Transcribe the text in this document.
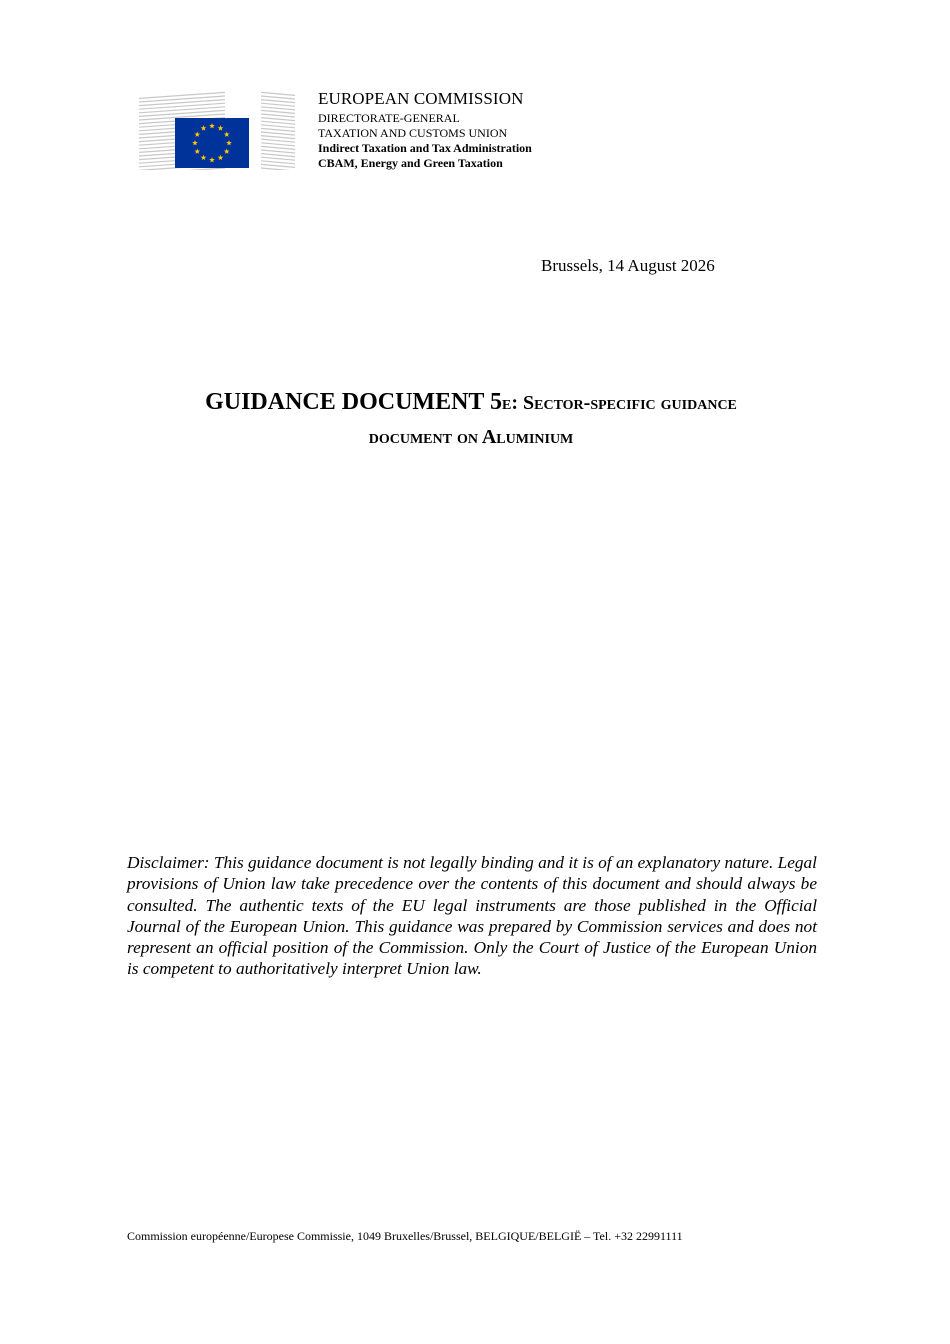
EUROPEAN COMMISSION
DIRECTORATE-GENERAL
TAXATION AND CUSTOMS UNION
Indirect Taxation and Tax Administration
CBAM, Energy and Green Taxation
Brussels, 14 August 2026
GUIDANCE DOCUMENT 5e: Sector-specific guidance
document on Aluminium
Disclaimer: This guidance document is not legally binding and it is of an explanatory nature. Legal provisions of Union law take precedence over the contents of this document and should always be consulted. The authentic texts of the EU legal instruments are those published in the Official Journal of the European Union. This guidance was prepared by Commission services and does not represent an official position of the Commission. Only the Court of Justice of the European Union is competent to authoritatively interpret Union law.
Commission européenne/Europese Commissie, 1049 Bruxelles/Brussel, BELGIQUE/BELGIË – Tel. +32 22991111
